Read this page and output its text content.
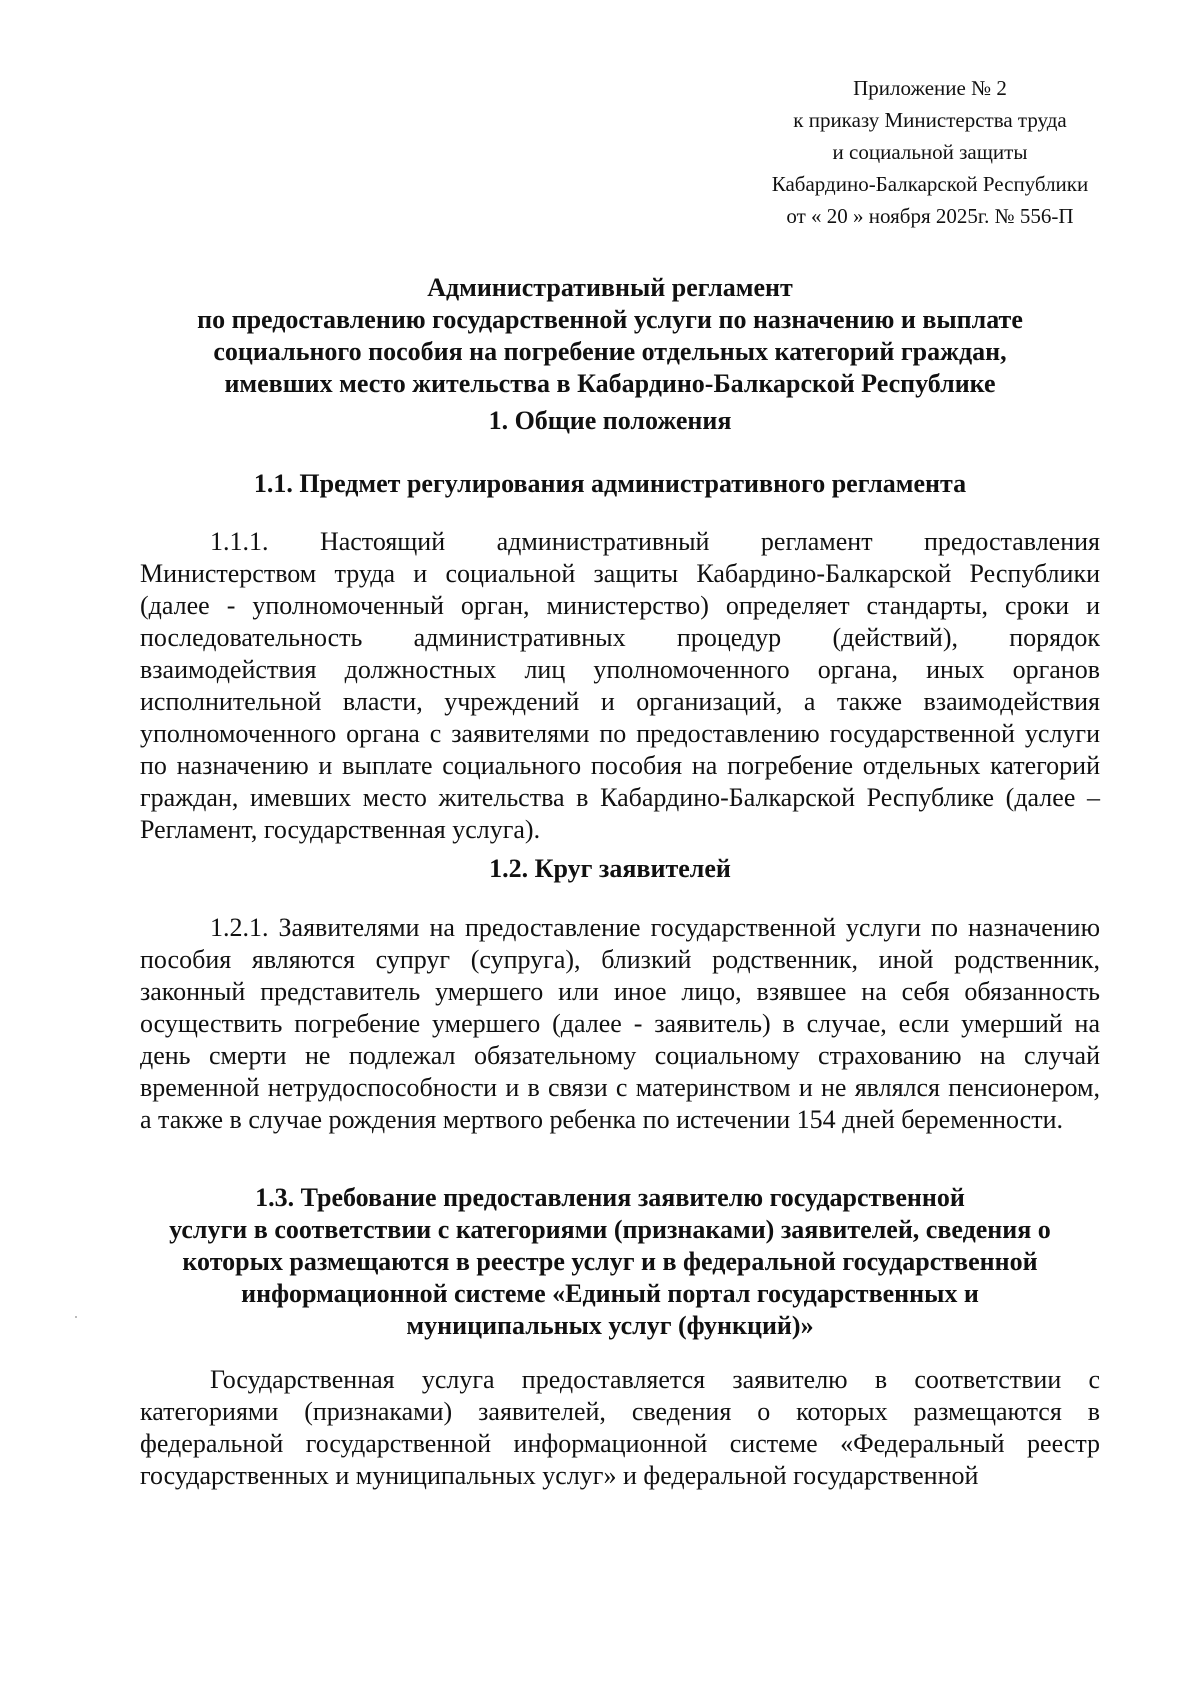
Приложение № 2
к приказу Министерства труда
и социальной защиты
Кабардино-Балкарской Республики
от « 20 » ноября 2025г. № 556-П
Административный регламент
по предоставлению государственной услуги по назначению и выплате
социального пособия на погребение отдельных категорий граждан,
имевших место жительства в Кабардино-Балкарской Республике
1. Общие положения
1.1. Предмет регулирования административного регламента

1.1.1. Настоящий административный регламент предоставления Министерством труда и социальной защиты Кабардино-Балкарской Республики (далее - уполномоченный орган, министерство) определяет стандарты, сроки и последовательность административных процедур (действий), порядок взаимодействия должностных лиц уполномоченного органа, иных органов исполнительной власти, учреждений и организаций, а также взаимодействия уполномоченного органа с заявителями по предоставлению государственной услуги по назначению и выплате социального пособия на погребение отдельных категорий граждан, имевших место жительства в Кабардино-Балкарской Республике (далее – Регламент, государственная услуга).

1.2. Круг заявителей

1.2.1. Заявителями на предоставление государственной услуги по назначению пособия являются супруг (супруга), близкий родственник, иной родственник, законный представитель умершего или иное лицо, взявшее на себя обязанность осуществить погребение умершего (далее - заявитель) в случае, если умерший на день смерти не подлежал обязательному социальному страхованию на случай временной нетрудоспособности и в связи с материнством и не являлся пенсионером, а также в случае рождения мертвого ребенка по истечении 154 дней беременности.

1.3. Требование предоставления заявителю государственной
услуги в соответствии с категориями (признаками) заявителей, сведения о
которых размещаются в реестре услуг и в федеральной государственной
информационной системе «Единый портал государственных и
муниципальных услуг (функций)»

Государственная услуга предоставляется заявителю в соответствии с категориями (признаками) заявителей, сведения о которых размещаются в федеральной государственной информационной системе «Федеральный реестр государственных и муниципальных услуг» и федеральной государственной
